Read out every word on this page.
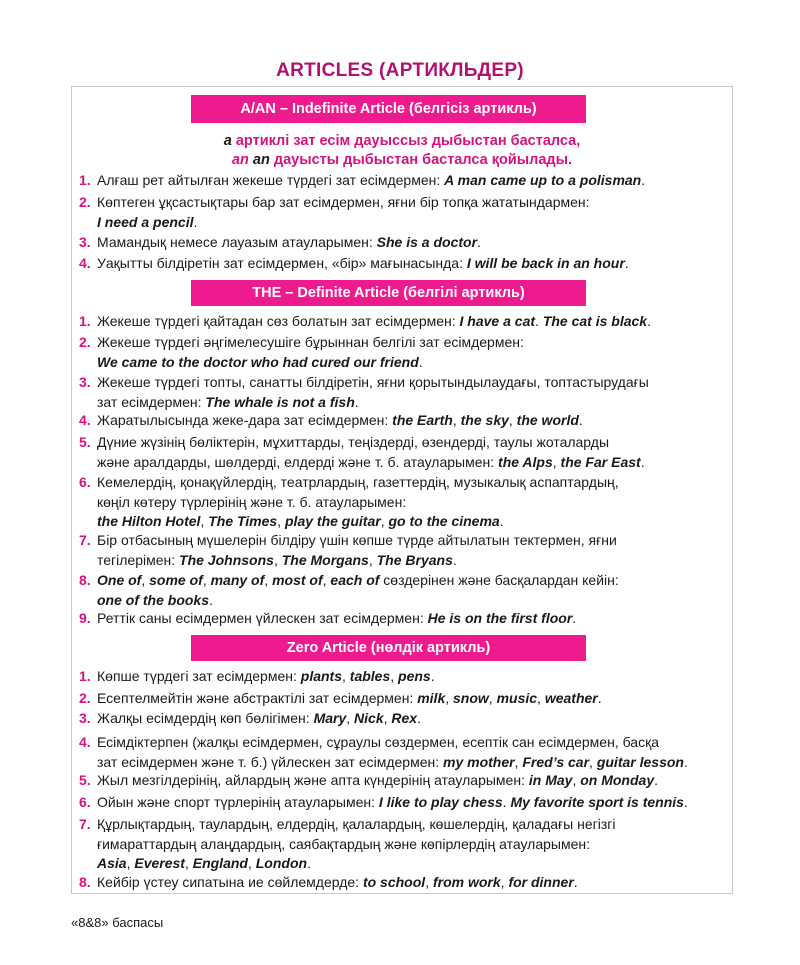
ARTICLES (АРТИКЛЬДЕР)
A/AN – Indefinite Article (белгісіз артикль)
a артиклі зат есім дауыссыз дыбыстан басталса,
an an дауысты дыбыстан басталса қойылады.
1. Алғаш рет айтылған жекеше түрдегі зат есімдермен: A man came up to a polisman.
2. Көптеген ұқсастықтары бар зат есімдермен, яғни бір топқа жататындармен:
I need a pencil.
3. Мамандық немесе лауазым атауларымен: She is a doctor.
4. Уақытты білдіретін зат есімдермен, «бір» мағынасында: I will be back in an hour.
THE – Definite Article (белгілі артикль)
1. Жекеше түрдегі қайтадан сөз болатын зат есімдермен: I have a cat. The cat is black.
2. Жекеше түрдегі әңгімелесушіге бұрыннан белгілі зат есімдермен:
We came to the doctor who had cured our friend.
3. Жекеше түрдегі топты, санатты білдіретін, яғни қорытындылаудағы, топтастырудағы
зат есімдермен: The whale is not a fish.
4. Жаратылысында жеке-дара зат есімдермен: the Earth, the sky, the world.
5. Дүние жүзінің бөліктерін, мұхиттарды, теңіздерді, өзендерді, таулы жоталарды
және аралдарды, шөлдерді, елдерді және т. б. атауларымен: the Alps, the Far East.
6. Кемелердің, қонақүйлердің, театрлардың, газеттердің, музыкалық аспаптардың,
көңіл көтеру түрлерінің және т. б. атауларымен:
the Hilton Hotel, The Times, play the guitar, go to the cinema.
7. Бір отбасының мүшелерін білдіру үшін көпше түрде айтылатын тектермен, яғни
тегілерімен: The Johnsons, The Morgans, The Bryans.
8. One of, some of, many of, most of, each of сөздерінен және басқалардан кейін:
one of the books.
9. Реттік саны есімдермен үйлескен зат есімдермен: He is on the first floor.
Zero Article (нөлдік артикль)
1. Көпше түрдегі зат есімдермен: plants, tables, pens.
2. Есептелмейтін және абстрактілі зат есімдермен: milk, snow, music, weather.
3. Жалқы есімдердің көп бөлігімен: Mary, Nick, Rex.
4. Есімдіктерпен (жалқы есімдермен, сұраулы сөздермен, есептік сан есімдермен, басқа
зат есімдермен және т. б.) үйлескен зат есімдермен: my mother, Fred’s car, guitar lesson.
5. Жыл мезгілдерінің, айлардың және апта күндерінің атауларымен: in May, on Monday.
6. Ойын және спорт түрлерінің атауларымен: I like to play chess. My favorite sport is tennis.
7. Құрлықтардың, таулардың, елдердің, қалалардың, көшелердің, қаладағы негізгі
ғимараттардың алаңдардың, саябақтардың және көпірлердің атауларымен:
Asia, Everest, England, London.
8. Кейбір үстеу сипатына ие сөйлемдерде: to school, from work, for dinner.
«8&8» баспасы
